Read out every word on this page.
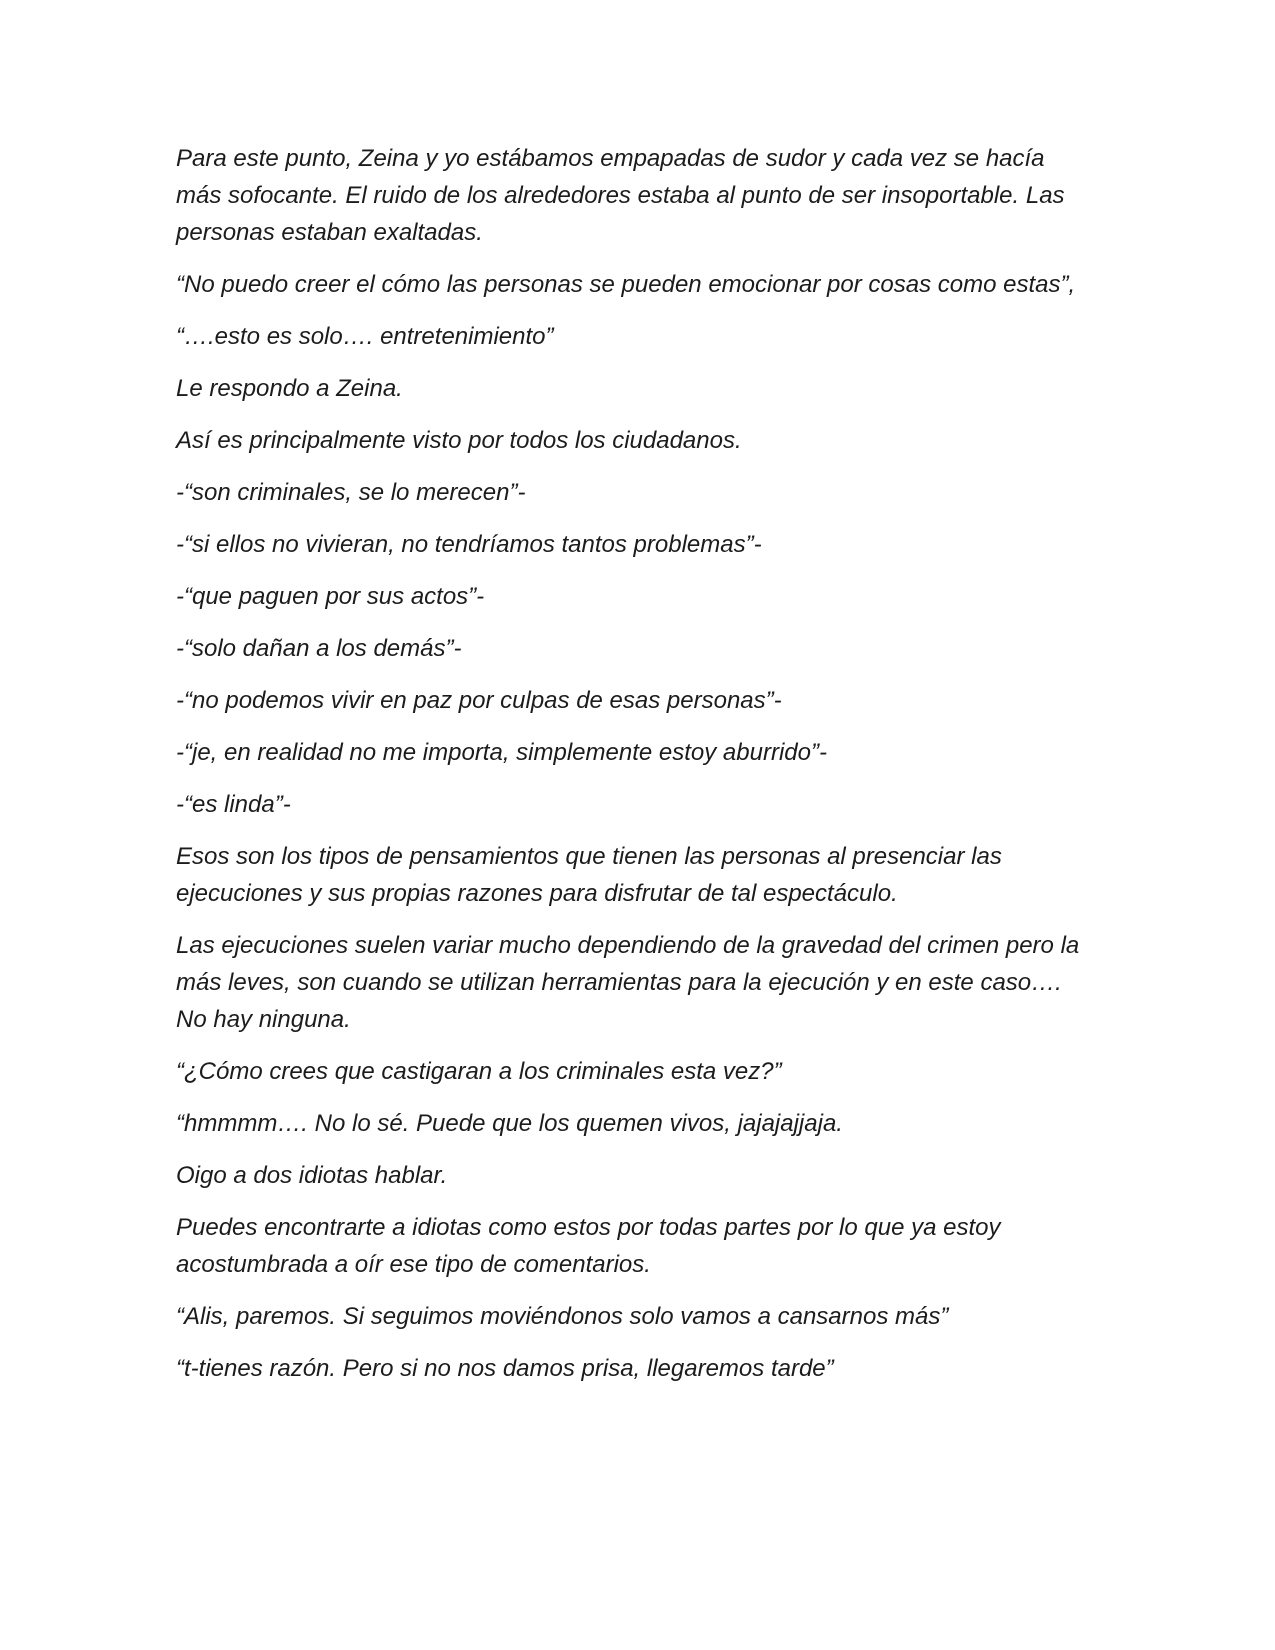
Para este punto, Zeina y yo estábamos empapadas de sudor y cada vez se hacía más sofocante. El ruido de los alrededores estaba al punto de ser insoportable. Las personas estaban exaltadas.

“No puedo creer el cómo las personas se pueden emocionar por cosas como estas”,

“….esto es solo…. entretenimiento”

Le respondo a Zeina.

Así es principalmente visto por todos los ciudadanos.

-“son criminales, se lo merecen”-

-“si ellos no vivieran, no tendríamos tantos problemas”-

-“que paguen por sus actos”-

-“solo dañan a los demás”-

-“no podemos vivir en paz por culpas de esas personas”-

-“je, en realidad no me importa, simplemente estoy aburrido”-

-“es linda”-

Esos son los tipos de pensamientos que tienen las personas al presenciar las ejecuciones y sus propias razones para disfrutar de tal espectáculo.

Las ejecuciones suelen variar mucho dependiendo de la gravedad del crimen pero la más leves, son cuando se utilizan herramientas para la ejecución y en este caso…. No hay ninguna.

“¿Cómo crees que castigaran a los criminales esta vez?”

“hmmmm…. No lo sé. Puede que los quemen vivos, jajajajjaja.

Oigo a dos idiotas hablar.

Puedes encontrarte a idiotas como estos por todas partes por lo que ya estoy acostumbrada a oír ese tipo de comentarios.

“Alis, paremos. Si seguimos moviéndonos solo vamos a cansarnos más”

“t-tienes razón. Pero si no nos damos prisa, llegaremos tarde”
